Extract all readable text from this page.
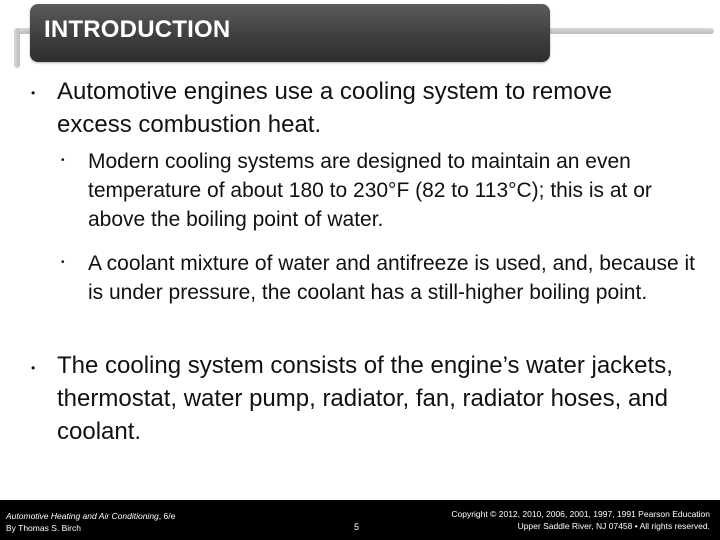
INTRODUCTION
• Automotive engines use a cooling system to remove excess combustion heat.
• Modern cooling systems are designed to maintain an even temperature of about 180 to 230°F (82 to 113°C); this is at or above the boiling point of water.
• A coolant mixture of water and antifreeze is used, and, because it is under pressure, the coolant has a still-higher boiling point.
• The cooling system consists of the engine’s water jackets, thermostat, water pump, radiator, fan, radiator hoses, and coolant.
Automotive Heating and Air Conditioning, 6/e
By Thomas S. Birch	5
Copyright © 2012, 2010, 2006, 2001, 1997, 1991 Pearson Education
Upper Saddle River, NJ 07458 • All rights reserved.
